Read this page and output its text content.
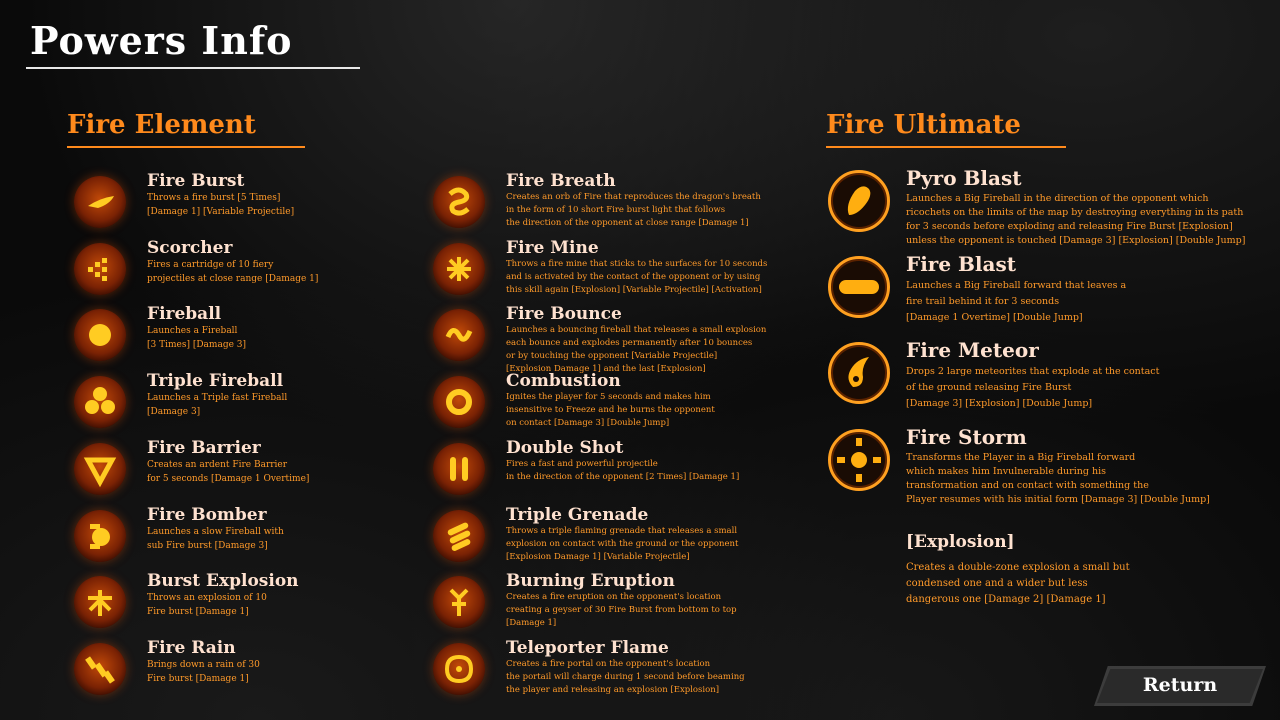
Powers Info
Fire Element	Fire Ultimate
Fire Burst
Throws a fire burst [5 Times]
[Damage 1] [Variable Projectile]
Scorcher
Fires a cartridge of 10 fiery
projectiles at close range [Damage 1]
Fireball
Launches a Fireball
[3 Times] [Damage 3]
Triple Fireball
Launches a Triple fast Fireball
[Damage 3]
Fire Barrier
Creates an ardent Fire Barrier
for 5 seconds [Damage 1 Overtime]
Fire Bomber
Launches a slow Fireball with
sub Fire burst [Damage 3]
Burst Explosion
Throws an explosion of 10
Fire burst [Damage 1]
Fire Rain
Brings down a rain of 30
Fire burst [Damage 1]
Fire Breath
Creates an orb of Fire that reproduces the dragon's breath
in the form of 10 short Fire burst light that follows
the direction of the opponent at close range [Damage 1]
Fire Mine
Throws a fire mine that sticks to the surfaces for 10 seconds
and is activated by the contact of the opponent or by using
this skill again [Explosion] [Variable Projectile] [Activation]
Fire Bounce
Launches a bouncing fireball that releases a small explosion
each bounce and explodes permanently after 10 bounces
or by touching the opponent [Variable Projectile]
[Explosion Damage 1] and the last [Explosion]
Combustion
Ignites the player for 5 seconds and makes him
insensitive to Freeze and he burns the opponent
on contact [Damage 3] [Double Jump]
Double Shot
Fires a fast and powerful projectile
in the direction of the opponent [2 Times] [Damage 1]
Triple Grenade
Throws a triple flaming grenade that releases a small
explosion on contact with the ground or the opponent
[Explosion Damage 1] [Variable Projectile]
Burning Eruption
Creates a fire eruption on the opponent's location
creating a geyser of 30 Fire Burst from bottom to top
[Damage 1]
Teleporter Flame
Creates a fire portal on the opponent's location
the portail will charge during 1 second before beaming
the player and releasing an explosion [Explosion]
Pyro Blast
Launches a Big Fireball in the direction of the opponent which
ricochets on the limits of the map by destroying everything in its path
for 3 seconds before exploding and releasing Fire Burst [Explosion]
unless the opponent is touched [Damage 3] [Explosion] [Double Jump]
Fire Blast
Launches a Big Fireball forward that leaves a
fire trail behind it for 3 seconds
[Damage 1 Overtime] [Double Jump]
Fire Meteor
Drops 2 large meteorites that explode at the contact
of the ground releasing Fire Burst
[Damage 3] [Explosion] [Double Jump]
Fire Storm
Transforms the Player in a Big Fireball forward
which makes him Invulnerable during his
transformation and on contact with something the
Player resumes with his initial form [Damage 3] [Double Jump]
[Explosion]
Creates a double-zone explosion a small but
condensed one and a wider but less
dangerous one [Damage 2] [Damage 1]
Return
